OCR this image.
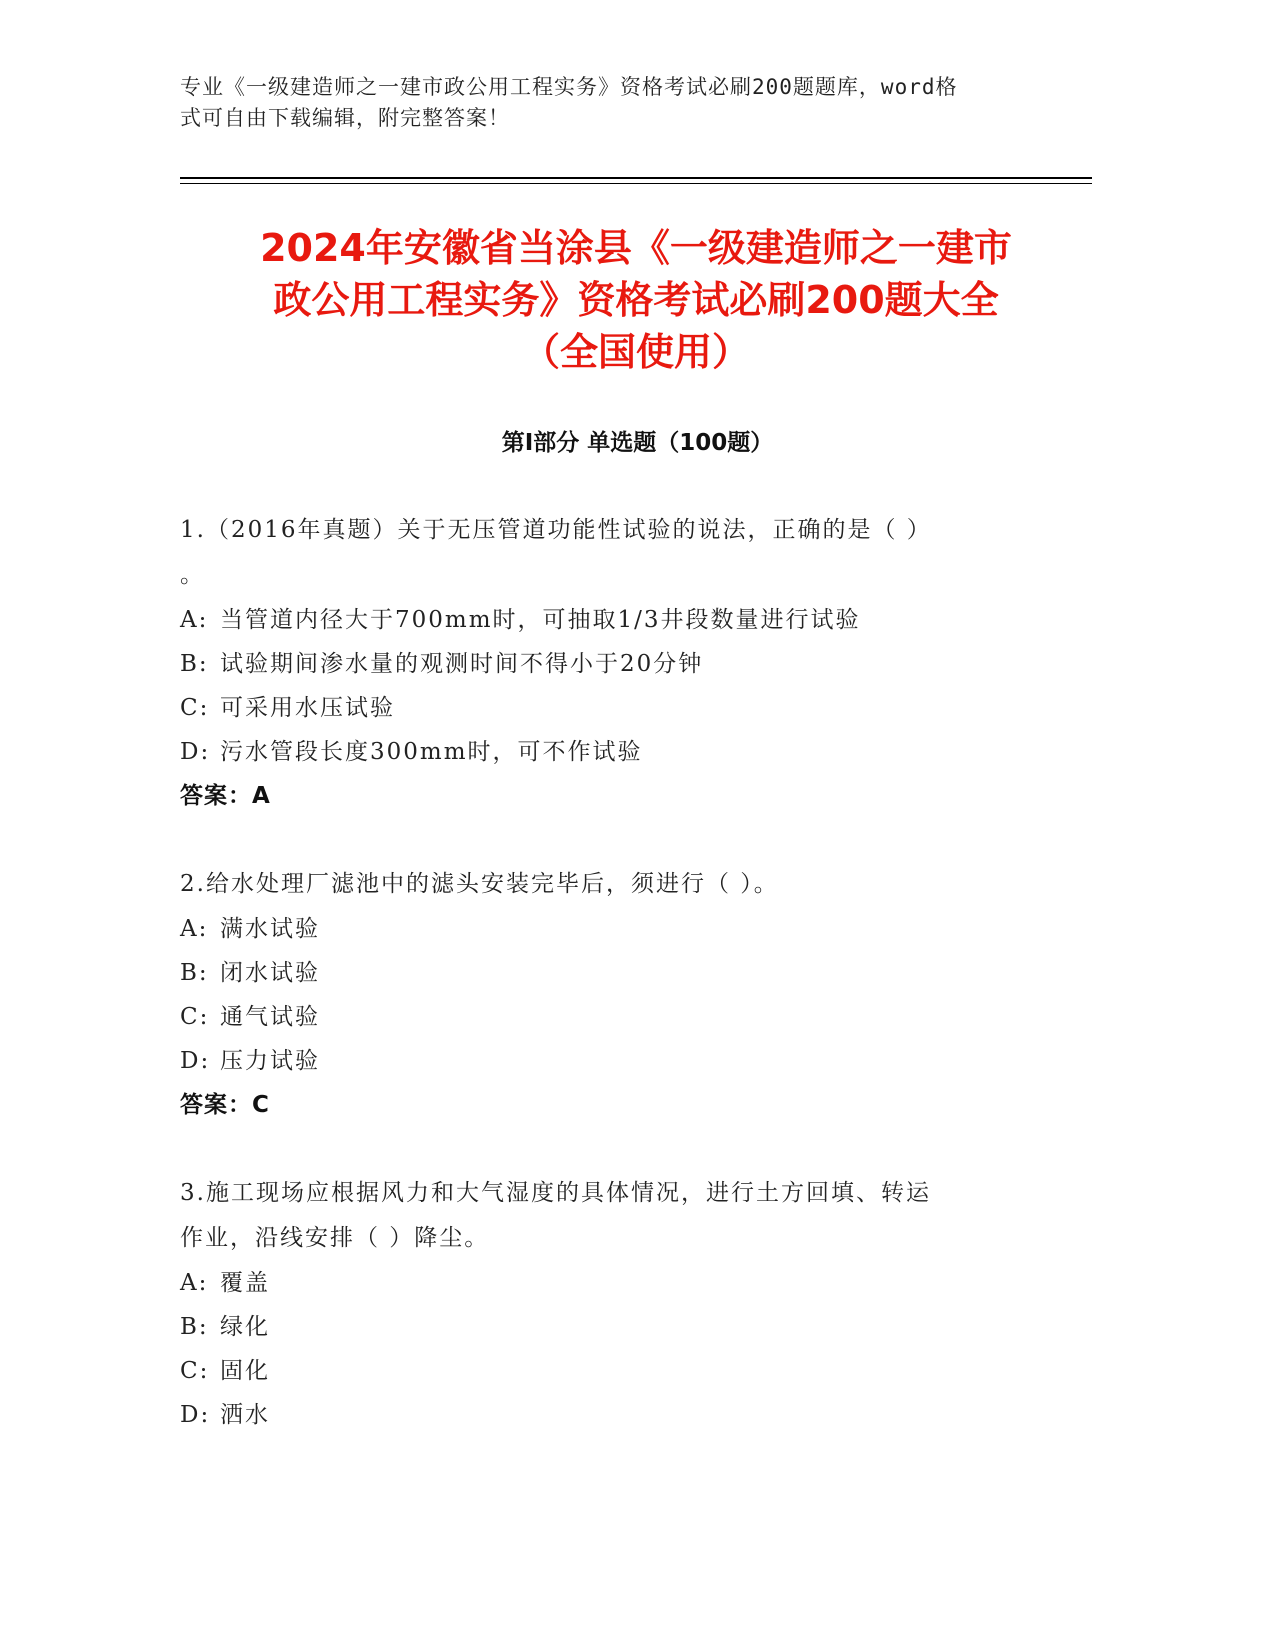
专业《一级建造师之一建市政公用工程实务》资格考试必刷200题题库，word格
式可自由下载编辑，附完整答案！
2024年安徽省当涂县《一级建造师之一建市
政公用工程实务》资格考试必刷200题大全
（全国使用）
第Ⅰ部分 单选题（100题）
1.（2016年真题）关于无压管道功能性试验的说法，正确的是（ ）
。
A: 当管道内径大于700mm时，可抽取1/3井段数量进行试验
B: 试验期间渗水量的观测时间不得小于20分钟
C: 可采用水压试验
D: 污水管段长度300mm时，可不作试验
答案：A
2.给水处理厂滤池中的滤头安装完毕后，须进行（ ）。
A: 满水试验
B: 闭水试验
C: 通气试验
D: 压力试验
答案：C
3.施工现场应根据风力和大气湿度的具体情况，进行土方回填、转运
作业，沿线安排（ ）降尘。
A: 覆盖
B: 绿化
C: 固化
D: 洒水
